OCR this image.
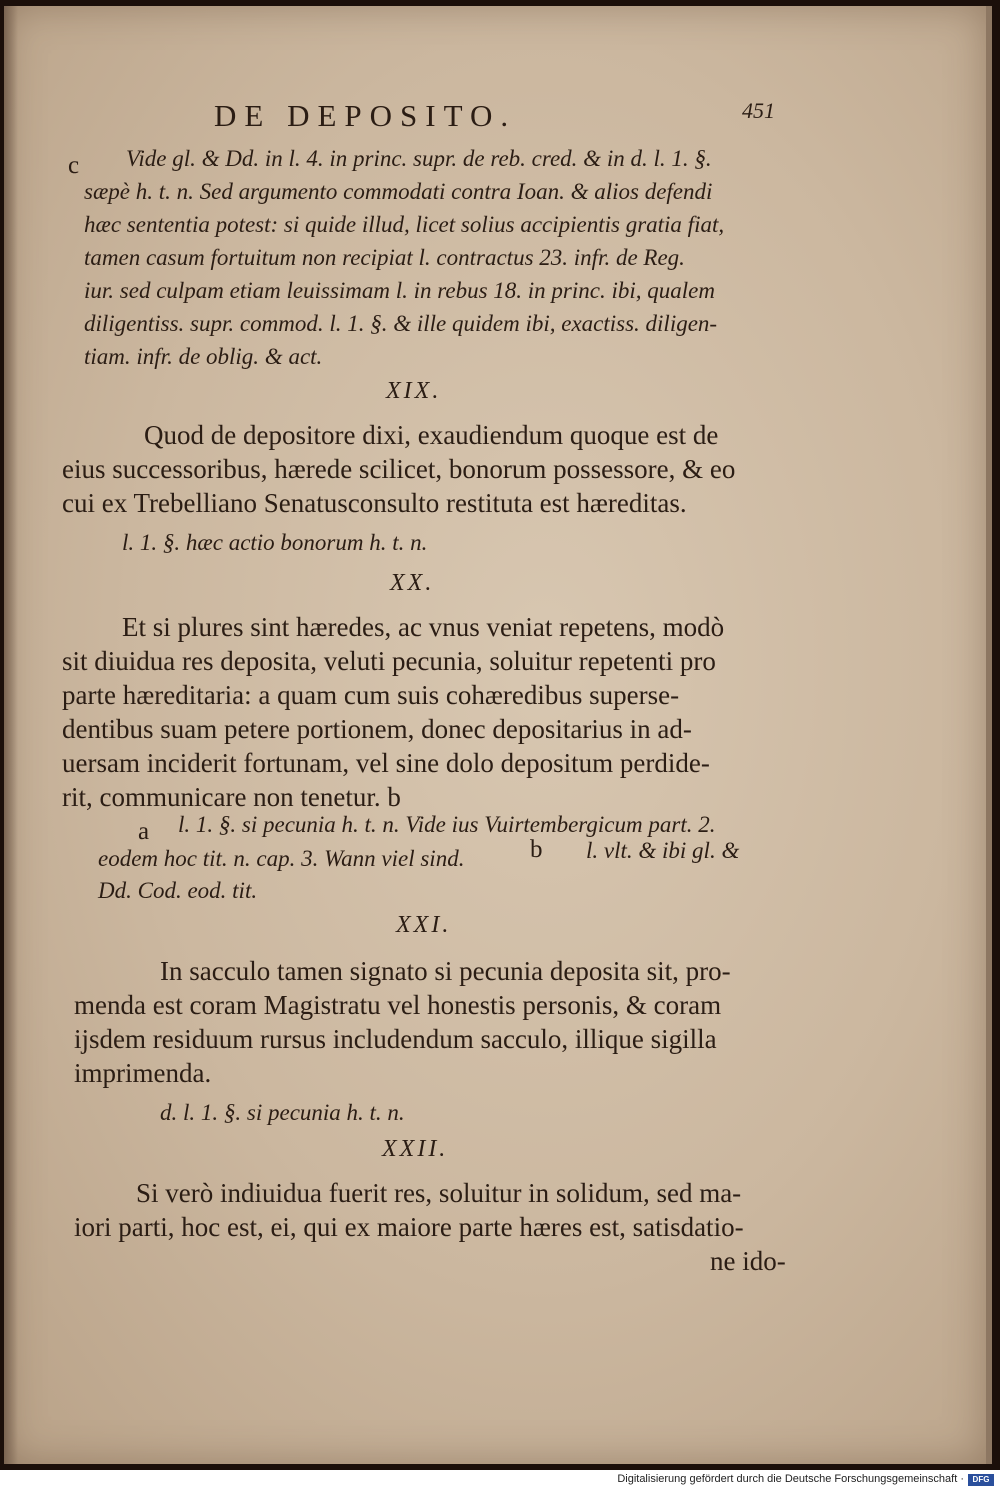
DE DEPOSITO.	451
c Vide gl. & Dd. in l. 4. in princ. supr. de reb. cred. & in d. l. 1. §.
sæpè h. t. n. Sed argumento commodati contra Ioan. & alios defendi
hæc sententia potest: si quide illud, licet solius accipientis gratia fiat,
tamen casum fortuitum non recipiat l. contractus 23. infr. de Reg.
iur. sed culpam etiam leuissimam l. in rebus 18. in princ. ibi, qualem
diligentiss. supr. commod. l. 1. §. & ille quidem ibi, exactiss. diligen-
tiam. infr. de oblig. & act.
XIX.
Quod de depositore dixi, exaudiendum quoque est de
eius successoribus, hærede scilicet, bonorum possessore, & eo
cui ex Trebelliano Senatusconsulto restituta est hæreditas.
l. 1. §. hæc actio bonorum h. t. n.
XX.
Et si plures sint hæredes, ac vnus veniat repetens, modò
sit diuidua res deposita, veluti pecunia, soluitur repetenti pro
parte hæreditaria: a quam cum suis cohæredibus superse-
dentibus suam petere portionem, donec depositarius in ad-
uersam inciderit fortunam, vel sine dolo depositum perdide-
rit, communicare non tenetur. b
a l. 1. §. si pecunia h. t. n. Vide ius Vuirtembergicum part. 2.
eodem hoc tit. n. cap. 3. Wann viel sind.	b l. vlt. & ibi gl. &
Dd. Cod. eod. tit.
XXI.
In sacculo tamen signato si pecunia deposita sit, pro-
menda est coram Magistratu vel honestis personis, & coram
ijsdem residuum rursus includendum sacculo, illique sigilla
imprimenda.
d. l. 1. §. si pecunia h. t. n.
XXII.
Si verò indiuidua fuerit res, soluitur in solidum, sed ma-
iori parti, hoc est, ei, qui ex maiore parte hæres est, satisdatio-
ne ido-
Digitalisierung gefördert durch die Deutsche Forschungsgemeinschaft ·	DFG
